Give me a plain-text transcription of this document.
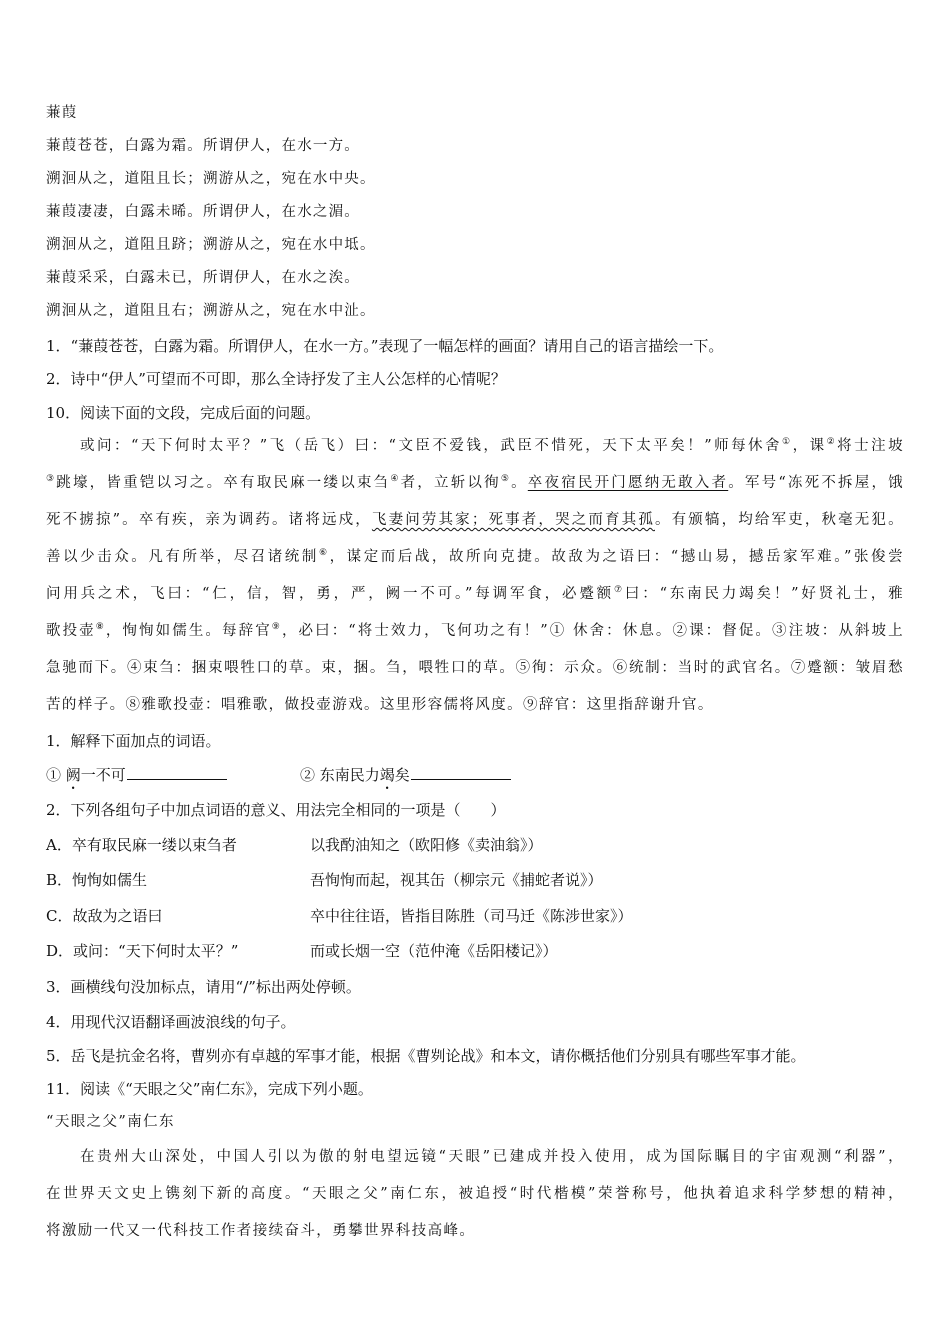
蒹葭
蒹葭苍苍，白露为霜。所谓伊人，在水一方。
溯洄从之，道阻且长；溯游从之，宛在水中央。
蒹葭凄凄，白露未晞。所谓伊人，在水之湄。
溯洄从之，道阻且跻；溯游从之，宛在水中坻。
蒹葭采采，白露未已，所谓伊人，在水之涘。
溯洄从之，道阻且右；溯游从之，宛在水中沚。
1．“蒹葭苍苍，白露为霜。所谓伊人，在水一方。”表现了一幅怎样的画面？请用自己的语言描绘一下。
2．诗中“伊人”可望而不可即，那么全诗抒发了主人公怎样的心情呢？
10．阅读下面的文段，完成后面的问题。
或问：“天下何时太平？”飞（岳飞）曰：“文臣不爱钱，武臣不惜死，天下太平矣！”师每休舍①，课②将士注坡
③跳壕，皆重铠以习之。卒有取民麻一缕以束刍④者，立斩以徇⑤。卒夜宿民开门愿纳无敢入者。军号“冻死不拆屋，饿
死不掳掠”。卒有疾，亲为调药。诸将远戍，飞妻问劳其家；死事者，哭之而育其孤。有颁犒，均给军吏，秋毫无犯。
善以少击众。凡有所举，尽召诸统制⑥，谋定而后战，故所向克捷。故敌为之语曰：“撼山易，撼岳家军难。”张俊尝
问用兵之术，飞曰：“仁，信，智，勇，严，阙一不可。”每调军食，必蹙额⑦曰：“东南民力竭矣！”好贤礼士，雅
歌投壶⑧，恂恂如儒生。每辞官⑨，必曰：“将士效力，飞何功之有！”① 休舍：休息。②课：督促。③注坡：从斜坡上
急驰而下。④束刍：捆束喂牲口的草。束，捆。刍，喂牲口的草。⑤徇：示众。⑥统制：当时的武官名。⑦蹙额：皱眉愁
苦的样子。⑧雅歌投壶：唱雅歌，做投壶游戏。这里形容儒将风度。⑨辞官：这里指辞谢升官。
1．解释下面加点的词语。
① 阙一不可	② 东南民力竭矣
2．下列各组句子中加点词语的意义、用法完全相同的一项是（　　）
A．卒有取民麻一缕以束刍者	以我酌油知之（欧阳修《卖油翁》）
B．恂恂如儒生	吾恂恂而起，视其缶（柳宗元《捕蛇者说》）
C．故敌为之语曰	卒中往往语，皆指目陈胜（司马迁《陈涉世家》）
D．或问：“天下何时太平？”	而或长烟一空（范仲淹《岳阳楼记》）
3．画横线句没加标点，请用“/”标出两处停顿。
4．用现代汉语翻译画波浪线的句子。
5．岳飞是抗金名将，曹刿亦有卓越的军事才能，根据《曹刿论战》和本文，请你概括他们分别具有哪些军事才能。
11．阅读《“天眼之父”南仁东》，完成下列小题。
“天眼之父”南仁东
在贵州大山深处，中国人引以为傲的射电望远镜“天眼”已建成并投入使用，成为国际瞩目的宇宙观测“利器”，
在世界天文史上镌刻下新的高度。“天眼之父”南仁东，被追授“时代楷模”荣誉称号，他执着追求科学梦想的精神，
将激励一代又一代科技工作者接续奋斗，勇攀世界科技高峰。
